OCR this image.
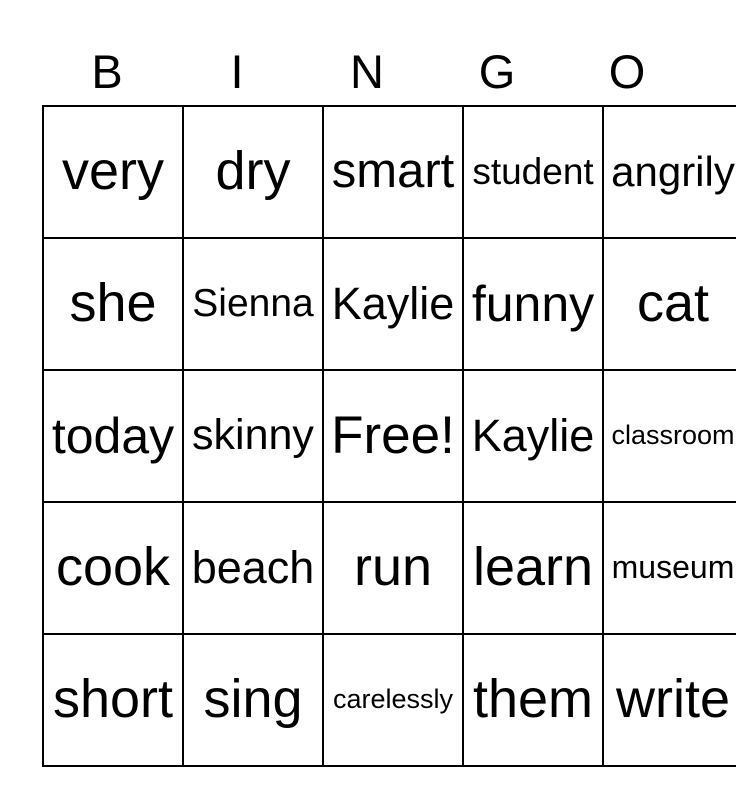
B	I	N	G	O
very	dry	smart	student	angrily
she	Sienna	Kaylie	funny	cat
today	skinny	Free!	Kaylie	classroom
cook	beach	run	learn	museum
short	sing	carelessly	them	write
